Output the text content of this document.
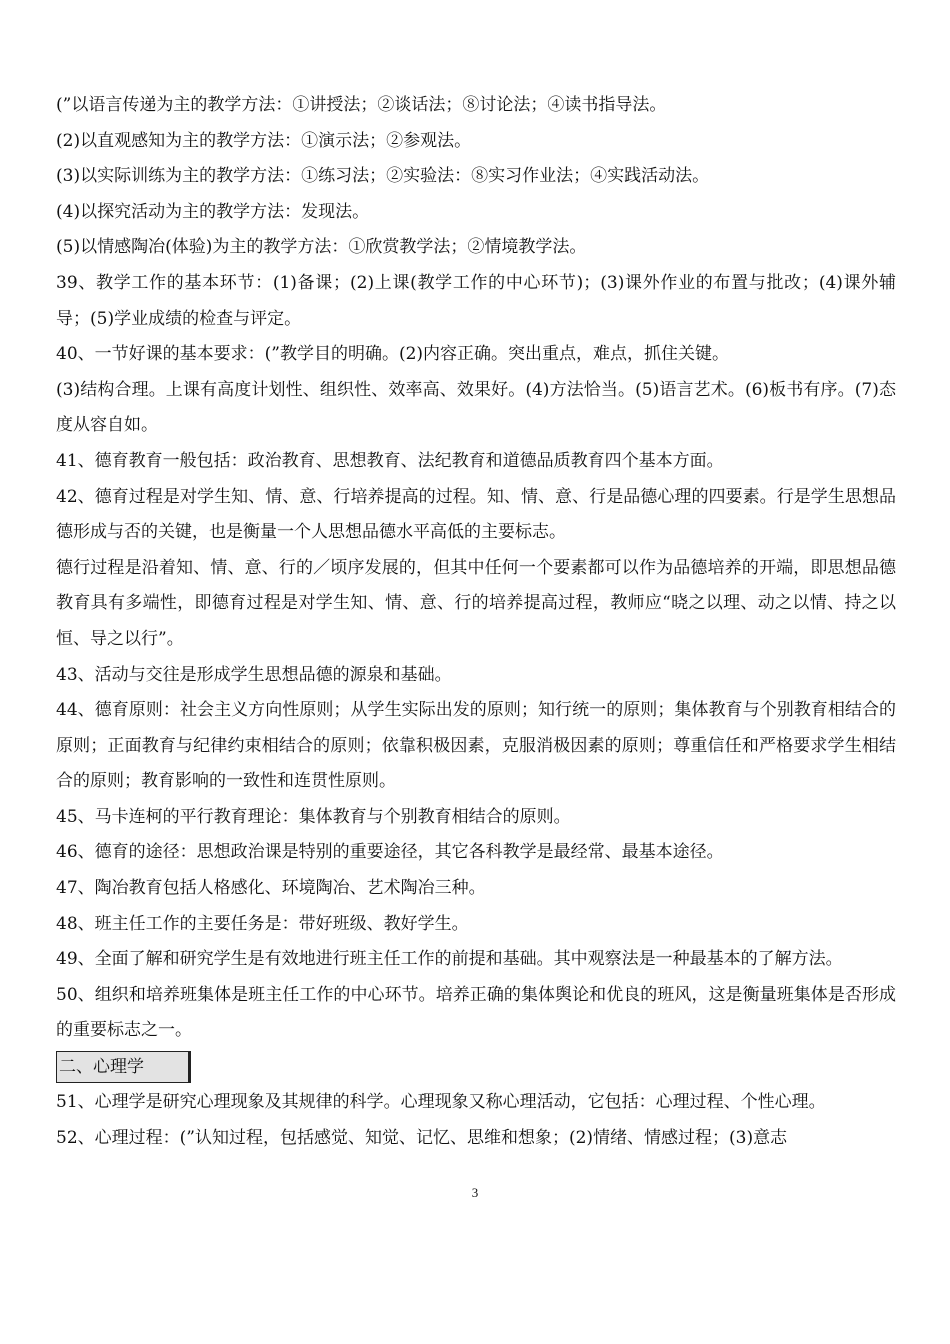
(”以语言传递为主的教学方法：①讲授法；②谈话法；⑧讨论法；④读书指导法。

(2)以直观感知为主的教学方法：①演示法；②参观法。

(3)以实际训练为主的教学方法：①练习法；②实验法：⑧实习作业法；④实践活动法。

(4)以探究活动为主的教学方法：发现法。

(5)以情感陶冶(体验)为主的教学方法：①欣赏教学法；②情境教学法。

39、教学工作的基本环节：(1)备课；(2)上课(教学工作的中心环节)；(3)课外作业的布置与批改；(4)课外辅导；(5)学业成绩的检查与评定。

40、一节好课的基本要求：(”教学目的明确。(2)内容正确。突出重点，难点，抓住关键。

(3)结构合理。上课有高度计划性、组织性、效率高、效果好。(4)方法恰当。(5)语言艺术。(6)板书有序。(7)态度从容自如。

41、德育教育一般包括：政治教育、思想教育、法纪教育和道德品质教育四个基本方面。

42、德育过程是对学生知、情、意、行培养提高的过程。知、情、意、行是品德心理的四要素。行是学生思想品德形成与否的关键，也是衡量一个人思想品德水平高低的主要标志。

德行过程是沿着知、情、意、行的／顷序发展的，但其中任何一个要素都可以作为品德培养的开端，即思想品德教育具有多端性，即德育过程是对学生知、情、意、行的培养提高过程，教师应“晓之以理、动之以情、持之以恒、导之以行”。

43、活动与交往是形成学生思想品德的源泉和基础。

44、德育原则：社会主义方向性原则；从学生实际出发的原则；知行统一的原则；集体教育与个别教育相结合的原则；正面教育与纪律约束相结合的原则；依靠积极因素，克服消极因素的原则；尊重信任和严格要求学生相结合的原则；教育影响的一致性和连贯性原则。

45、马卡连柯的平行教育理论：集体教育与个别教育相结合的原则。

46、德育的途径：思想政治课是特别的重要途径，其它各科教学是最经常、最基本途径。

47、陶冶教育包括人格感化、环境陶冶、艺术陶冶三种。

48、班主任工作的主要任务是：带好班级、教好学生。

49、全面了解和研究学生是有效地进行班主任工作的前提和基础。其中观察法是一种最基本的了解方法。

50、组织和培养班集体是班主任工作的中心环节。培养正确的集体舆论和优良的班风，这是衡量班集体是否形成的重要标志之一。

二、心理学

51、心理学是研究心理现象及其规律的科学。心理现象又称心理活动，它包括：心理过程、个性心理。

52、心理过程：(”认知过程，包括感觉、知觉、记忆、思维和想象；(2)情绪、情感过程；(3)意志

3
